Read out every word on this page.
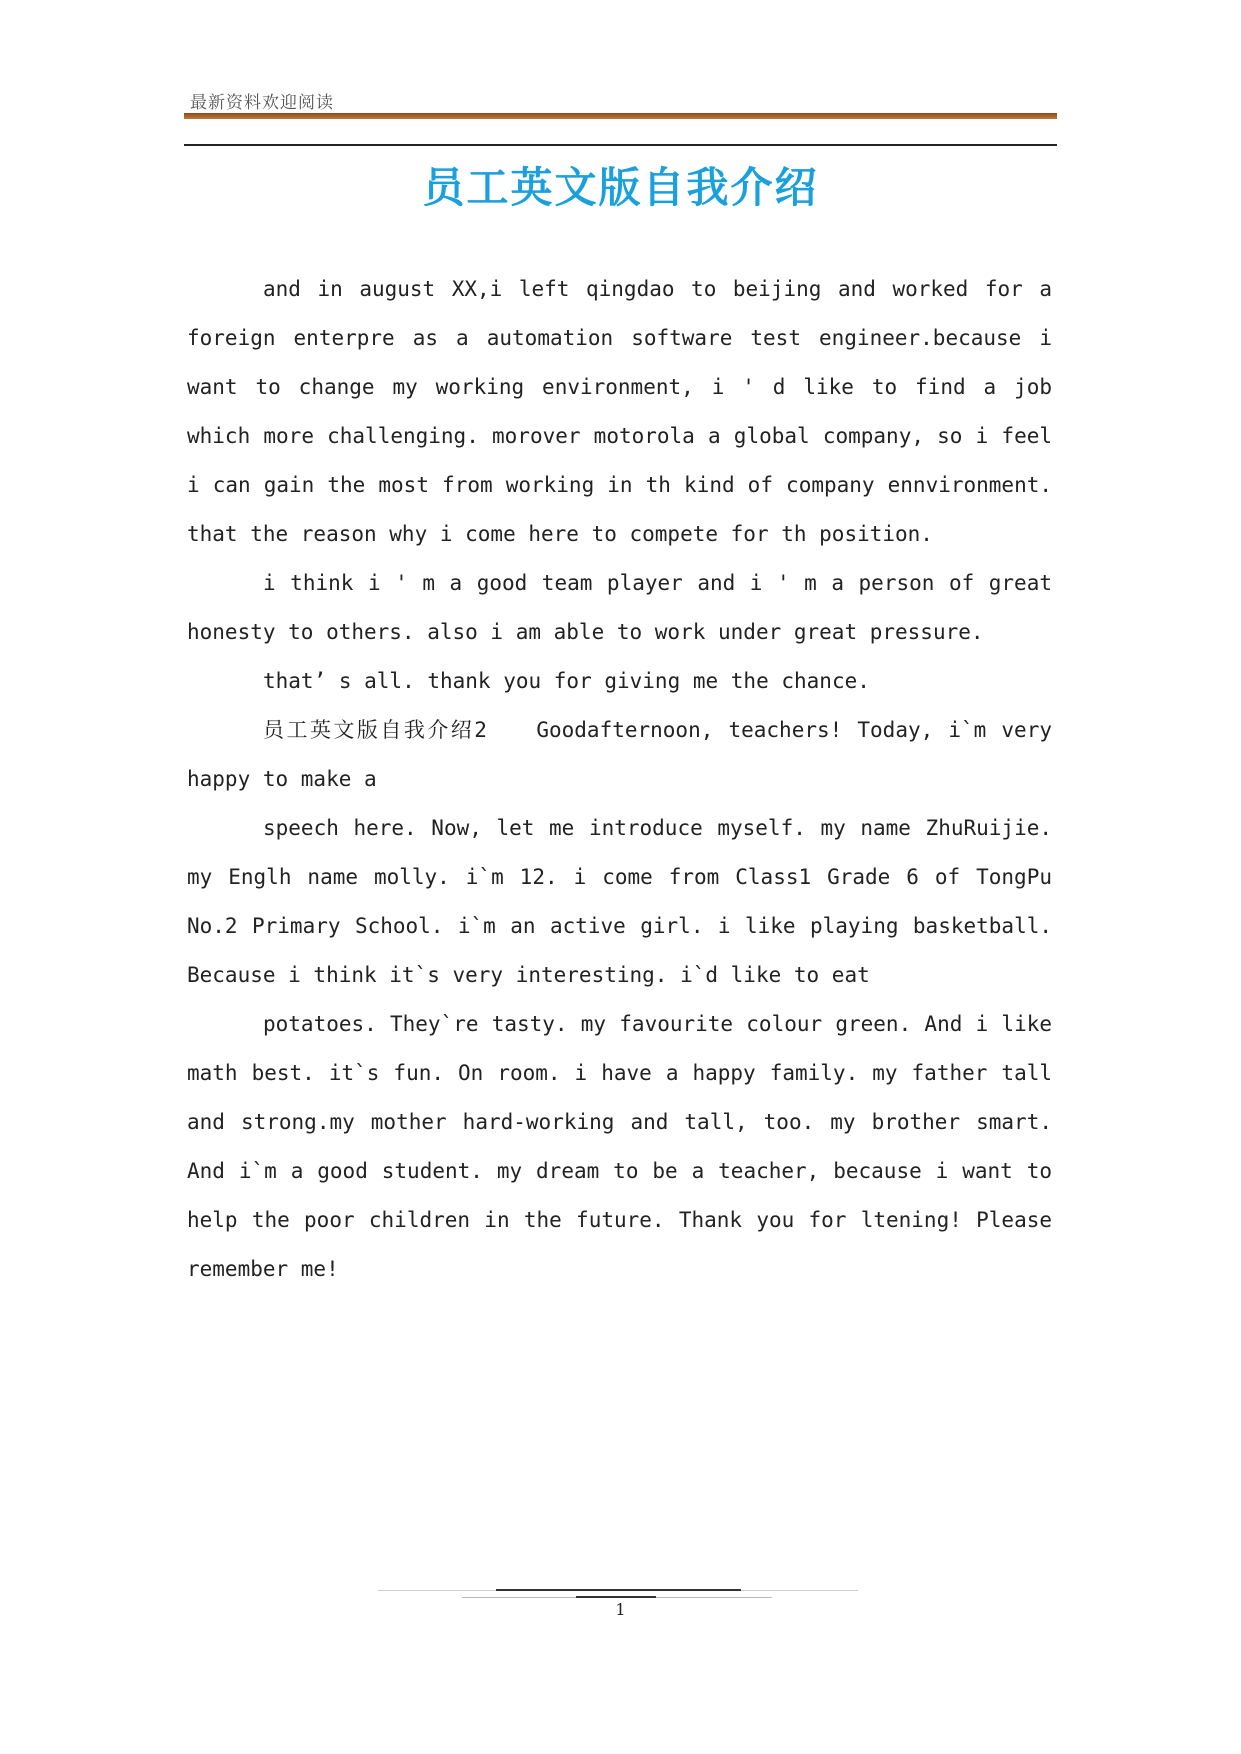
最新资料欢迎阅读
员工英文版自我介绍

and in august XX,i left qingdao to beijing and worked for a foreign enterpre as a automation software test engineer.because i want to change my working environment, i ' d like to find a job which more challenging. morover motorola a global company, so i feel i can gain the most from working in th kind of company ennvironment. that the reason why i come here to compete for th position.

i think i ' m a good team player and i ' m a person of great honesty to others. also i am able to work under great pressure.

that’ s all. thank you for giving me the chance.

员工英文版自我介绍2　　Goodafternoon, teachers! Today, i`m very happy to make a

speech here. Now, let me introduce myself. my name ZhuRuijie. my Englh name molly. i`m 12. i come from Class1 Grade 6 of TongPu No.2 Primary School. i`m an active girl. i like playing basketball. Because i think it`s very interesting. i`d like to eat

potatoes. They`re tasty. my favourite colour green. And i like math best. it`s fun. On room. i have a happy family. my father tall and strong.my mother hard-working and tall, too. my brother smart. And i`m a good student. my dream to be a teacher, because i want to help the poor children in the future. Thank you for ltening! Please remember me!

1
